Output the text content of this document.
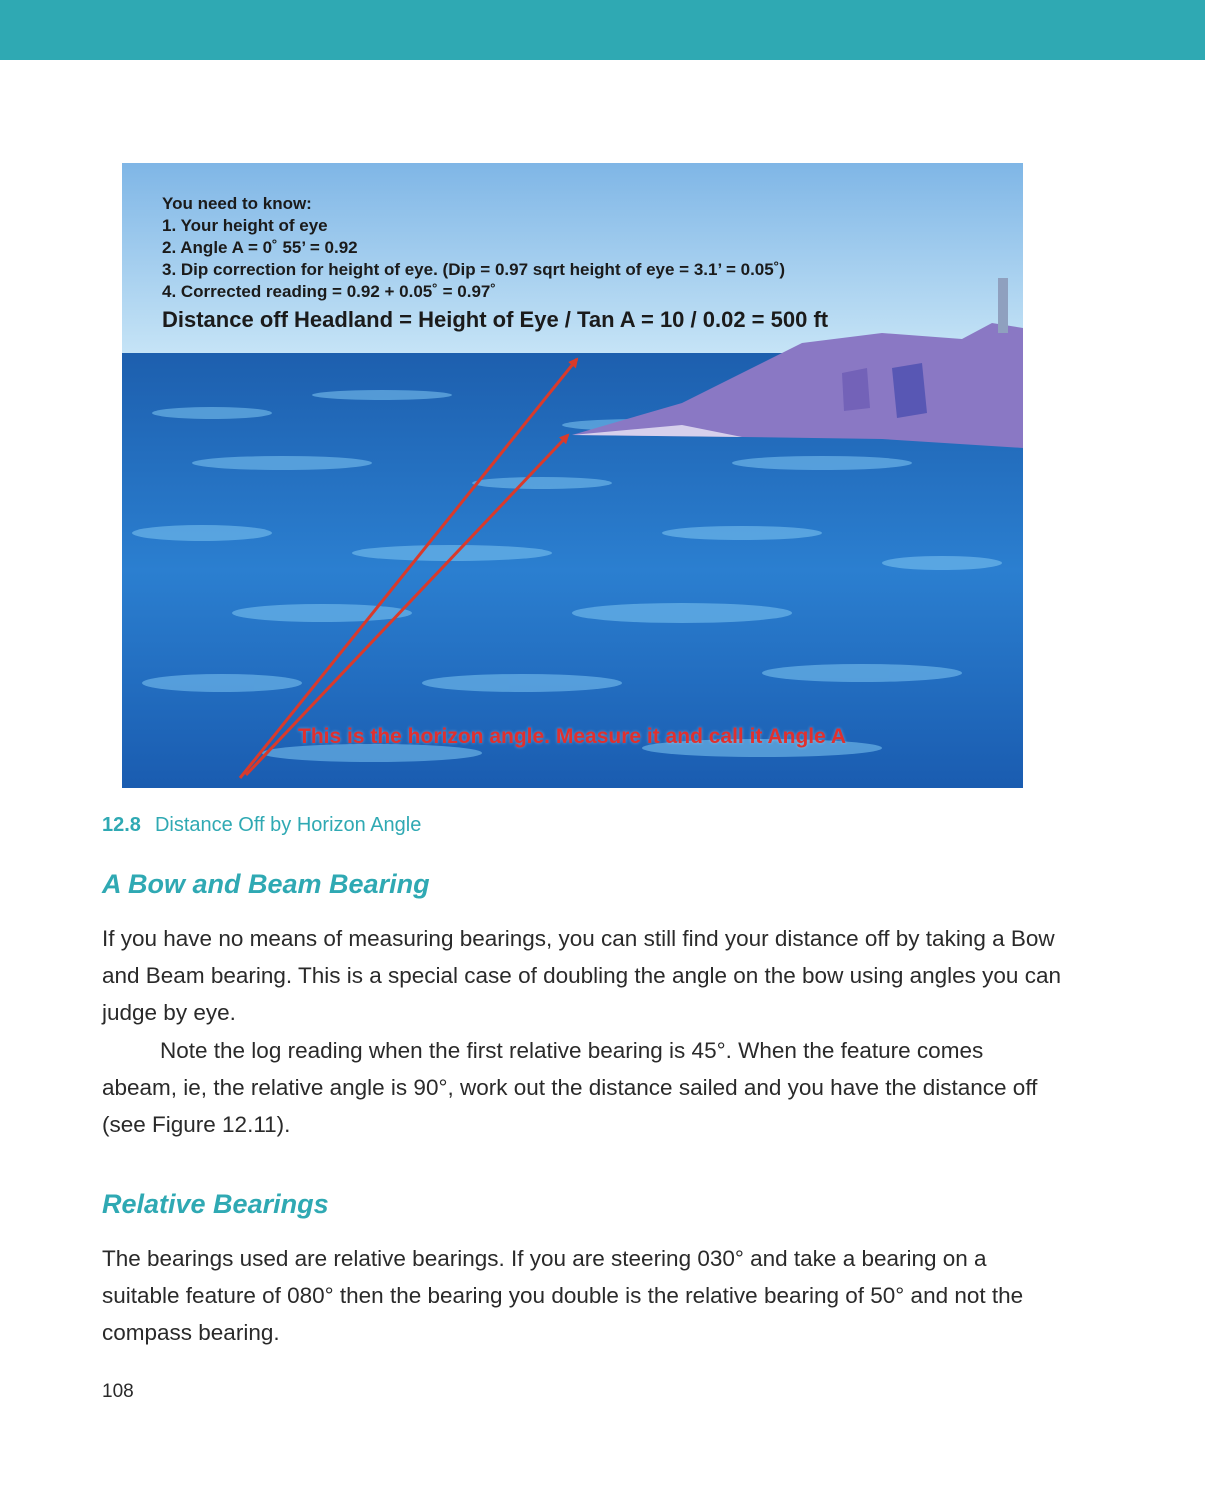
You need to know:
1. Your height of eye
2. Angle A = 0˚ 55’ = 0.92
3. Dip correction for height of eye. (Dip = 0.97 sqrt height of eye = 3.1’ = 0.05˚)
4. Corrected reading = 0.92 + 0.05˚ = 0.97˚
Distance off Headland = Height of Eye / Tan A = 10 / 0.02 = 500 ft
This is the horizon angle. Measure it and call it Angle A
12.8 Distance Off by Horizon Angle
A Bow and Beam Bearing

If you have no means of measuring bearings, you can still find your distance off by taking a Bow and Beam bearing. This is a special case of doubling the angle on the bow using angles you can judge by eye.

Note the log reading when the first relative bearing is 45°. When the feature comes abeam, ie, the relative angle is 90°, work out the distance sailed and you have the distance off (see Figure 12.11).

Relative Bearings

The bearings used are relative bearings. If you are steering 030° and take a bearing on a suitable feature of 080° then the bearing you double is the relative bearing of 50° and not the compass bearing.

108
